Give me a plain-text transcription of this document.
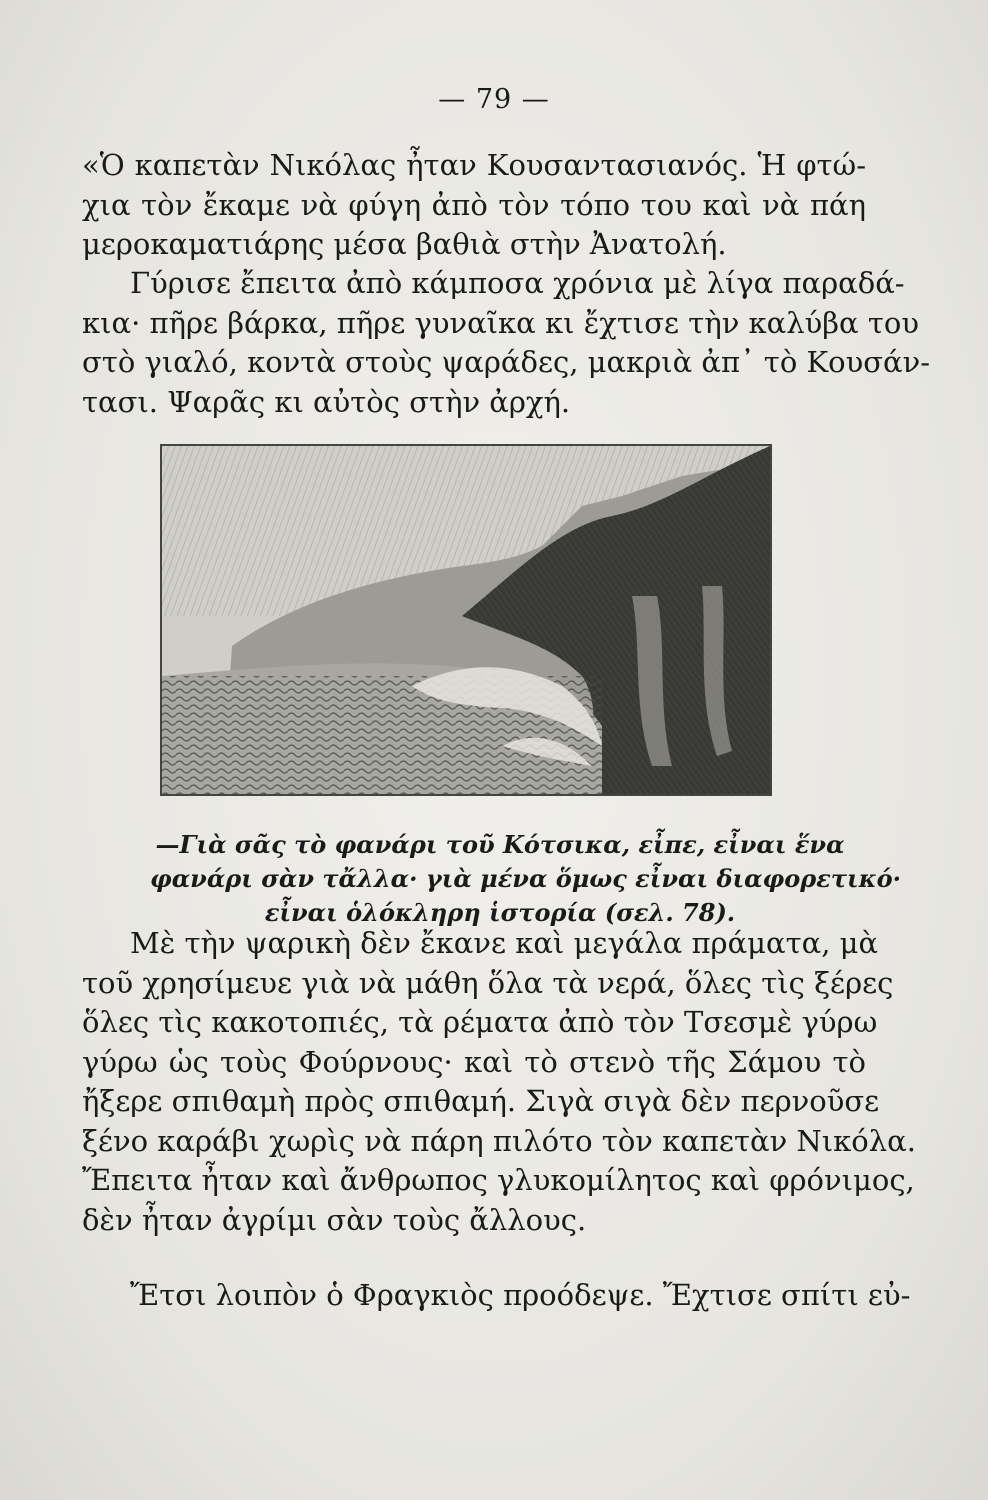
— 79 —

«Ὁ καπετὰν Νικόλας ἦταν Κουσαντασιανός. Ἡ φτώ-
χια τὸν ἔκαμε νὰ φύγη ἀπὸ τὸν τόπο του καὶ νὰ πάη
μεροκαματιάρης μέσα βαθιὰ στὴν Ἀνατολή.

Γύρισε ἔπειτα ἀπὸ κάμποσα χρόνια μὲ λίγα παραδά-
κια· πῆρε βάρκα, πῆρε γυναῖκα κι ἔχτισε τὴν καλύβα του
στὸ γιαλό, κοντὰ στοὺς ψαράδες, μακριὰ ἀπ᾿ τὸ Κουσάν-
τασι. Ψαρᾶς κι αὐτὸς στὴν ἀρχή.

—Γιὰ σᾶς τὸ φανάρι τοῦ Κότσικα, εἶπε, εἶναι ἕνα
φανάρι σὰν τἄλλα· γιὰ μένα ὅμως εἶναι διαφορετικό·
εἶναι ὁλόκληρη ἱστορία (σελ. 78).

Μὲ τὴν ψαρικὴ δὲν ἔκανε καὶ μεγάλα πράματα, μὰ
τοῦ χρησίμευε γιὰ νὰ μάθη ὅλα τὰ νερά, ὅλες τὶς ξέρες
ὅλες τὶς κακοτοπιές, τὰ ρέματα ἀπὸ τὸν Τσεσμὲ γύρω
γύρω ὡς τοὺς Φούρνους· καὶ τὸ στενὸ τῆς Σάμου τὸ
ἤξερε σπιθαμὴ πρὸς σπιθαμή. Σιγὰ σιγὰ δὲν περνοῦσε
ξένο καράβι χωρὶς νὰ πάρη πιλότο τὸν καπετὰν Νικόλα.
Ἔπειτα ἦταν καὶ ἄνθρωπος γλυκομίλητος καὶ φρόνιμος,
δὲν ἦταν ἀγρίμι σὰν τοὺς ἄλλους.

Ἔτσι λοιπὸν ὁ Φραγκιὸς προόδεψε. Ἔχτισε σπίτι εὐ-
